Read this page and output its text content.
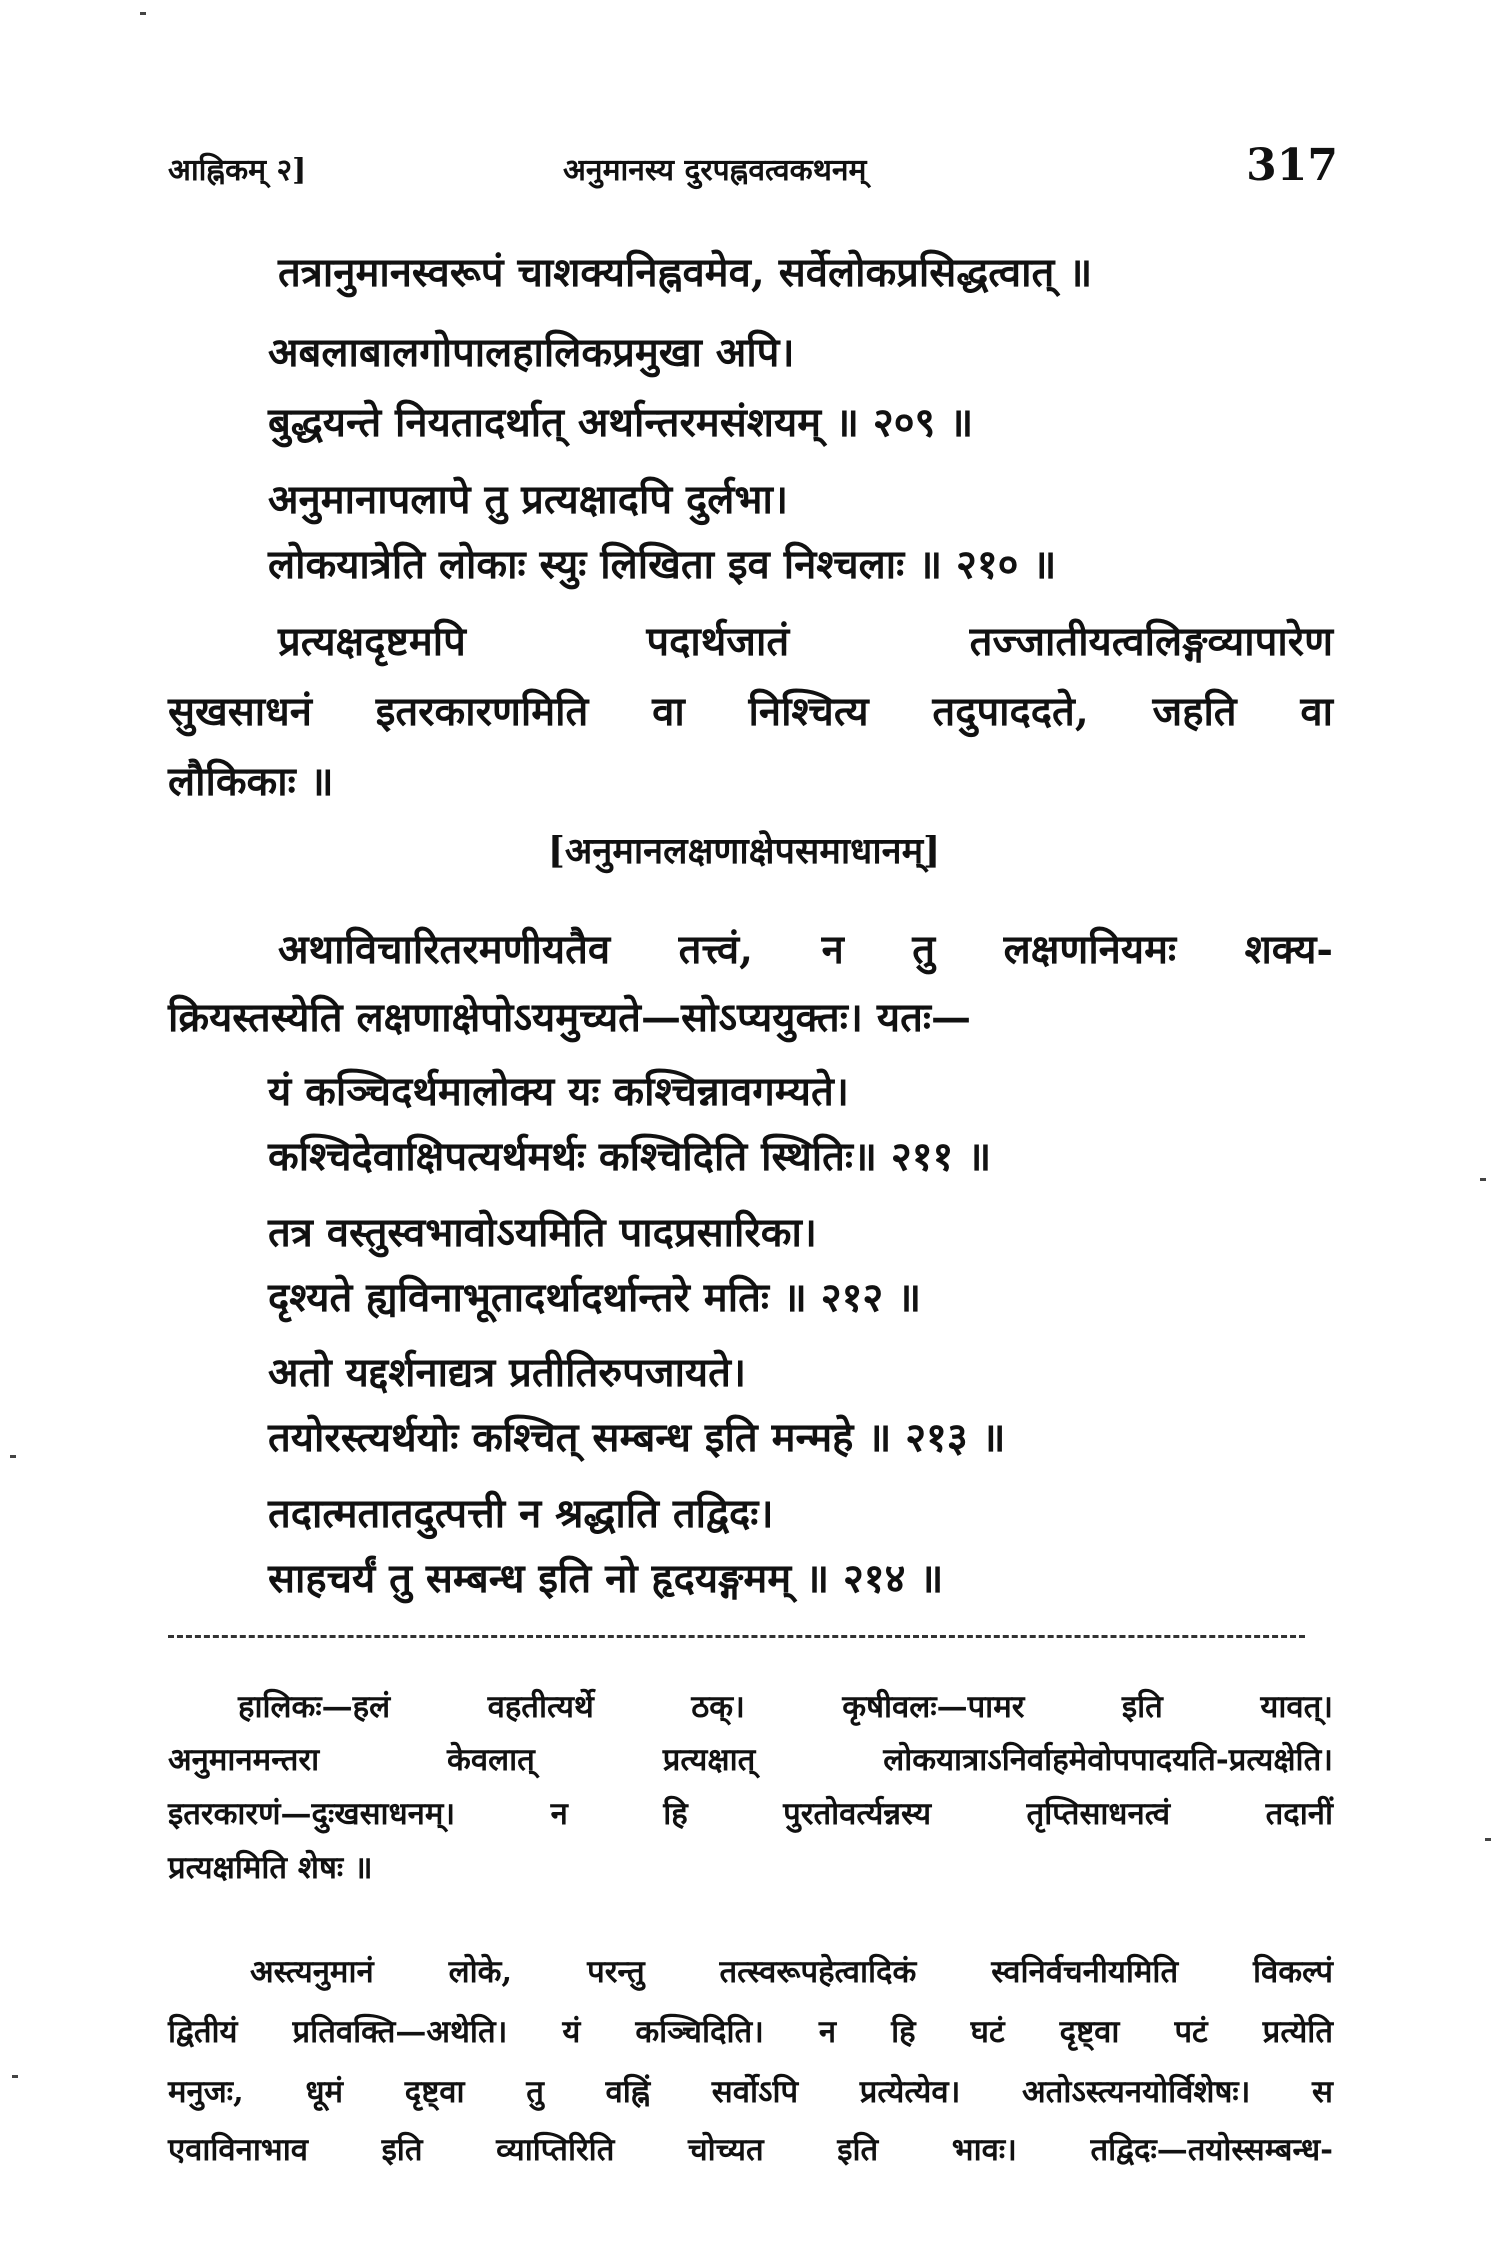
आह्निकम् २]	अनुमानस्य दुरपह्नवत्वकथनम्	317
तत्रानुमानस्वरूपं चाशक्यनिह्नवमेव, सर्वेलोकप्रसिद्धत्वात् ॥
अबलाबालगोपालहालिकप्रमुखा अपि।
बुद्धयन्ते नियतादर्थात् अर्थान्तरमसंशयम् ॥ २०९ ॥
अनुमानापलापे तु प्रत्यक्षादपि दुर्लभा।
लोकयात्रेति लोकाः स्युः लिखिता इव निश्चलाः ॥ २१० ॥
प्रत्यक्षदृष्टमपि पदार्थजातं तज्जातीयत्वलिङ्गव्यापारेण
सुखसाधनं इतरकारणमिति वा निश्चित्य तदुपाददते, जहति वा
लौकिकाः ॥
[अनुमानलक्षणाक्षेपसमाधानम्]
अथाविचारितरमणीयतैव तत्त्वं, न तु लक्षणनियमः शक्य-
क्रियस्तस्येति लक्षणाक्षेपोऽयमुच्यते—सोऽप्ययुक्तः। यतः—
यं कञ्चिदर्थमालोक्य यः कश्चिन्नावगम्यते।
कश्चिदेवाक्षिपत्यर्थमर्थः कश्चिदिति स्थितिः॥ २११ ॥
तत्र वस्तुस्वभावोऽयमिति पादप्रसारिका।
दृश्यते ह्यविनाभूतादर्थादर्थान्तरे मतिः ॥ २१२ ॥
अतो यद्दर्शनाद्यत्र प्रतीतिरुपजायते।
तयोरस्त्यर्थयोः कश्चित् सम्बन्ध इति मन्महे ॥ २१३ ॥
तदात्मतातदुत्पत्ती न श्रद्धाति तद्विदः।
साहचर्यं तु सम्बन्ध इति नो हृदयङ्गमम् ॥ २१४ ॥
हालिकः—हलं वहतीत्यर्थे ठक्। कृषीवलः—पामर इति यावत्।
अनुमानमन्तरा केवलात् प्रत्यक्षात् लोकयात्राऽनिर्वाहमेवोपपादयति-प्रत्यक्षेति।
इतरकारणं—दुःखसाधनम्। न हि पुरतोवर्त्यन्नस्य तृप्तिसाधनत्वं तदानीं
प्रत्यक्षमिति शेषः ॥
अस्त्यनुमानं लोके, परन्तु तत्स्वरूपहेत्वादिकं स्वनिर्वचनीयमिति विकल्पं
द्वितीयं प्रतिवक्ति—अथेति। यं कञ्चिदिति। न हि घटं दृष्ट्वा पटं प्रत्येति
मनुजः, धूमं दृष्ट्वा तु वह्निं सर्वोऽपि प्रत्येत्येव। अतोऽस्त्यनयोर्विशेषः। स
एवाविनाभाव इति व्याप्तिरिति चोच्यत इति भावः। तद्विदः—तयोस्सम्बन्ध-
